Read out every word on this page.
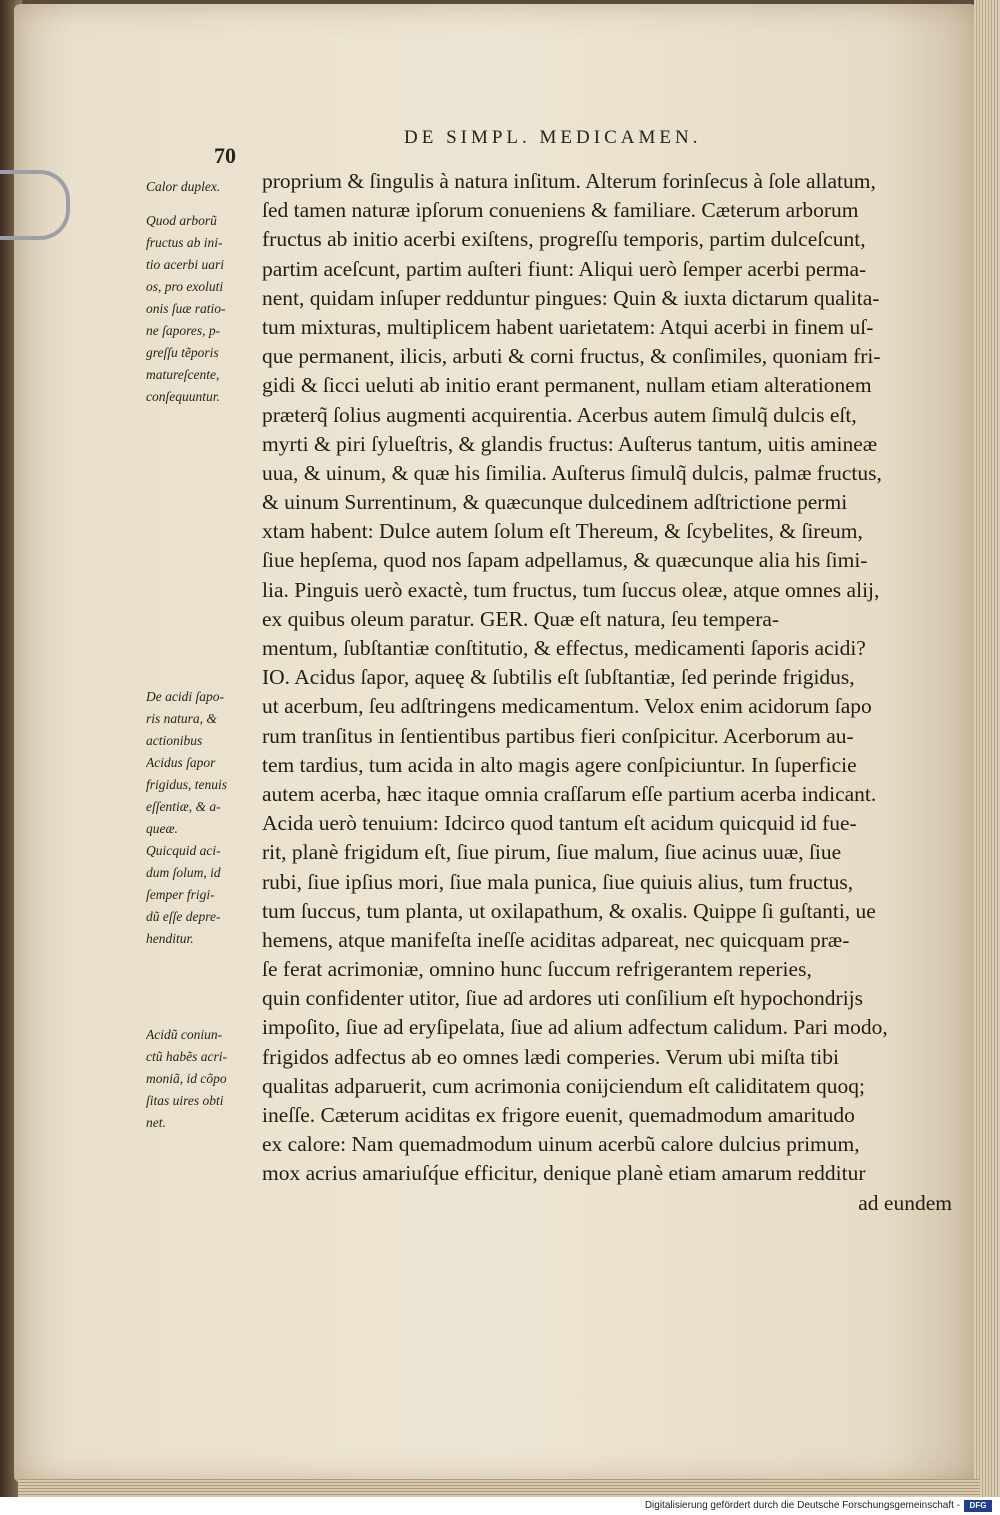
DE SIMPL. MEDICAMEN.
70
Calor duplex.
Quod arborũ
fructus ab ini-
tio acerbi uari
os, pro exoluti
onis ſuæ ratio-
ne ſapores, p-
greſſu tẽporis
matureſcente,
conſequuntur.
De acidi ſapo-
ris natura, &
actionibus
Acidus ſapor
frigidus, tenuis
eſſentiæ, & a-
queæ.
Quicquid aci-
dum ſolum, id
ſemper frigi-
dũ eſſe depre-
henditur.
Acidũ coniun-
ctũ habẽs acri-
moniã, id cõpo
ſitas uires obti
net.
proprium & ſingulis à natura inſitum. Alterum forinſecus à ſole allatum,
ſed tamen naturæ ipſorum conueniens & familiare. Cæterum arborum
fructus ab initio acerbi exiſtens, progreſſu temporis, partim dulceſcunt,
partim aceſcunt, partim auſteri fiunt: Aliqui uerò ſemper acerbi perma-
nent, quidam inſuper redduntur pingues: Quin & iuxta dictarum qualita-
tum mixturas, multiplicem habent uarietatem: Atqui acerbi in finem uſ-
que permanent, ilicis, arbuti & corni fructus, & conſimiles, quoniam fri-
gidi & ſicci ueluti ab initio erant permanent, nullam etiam alterationem
præterq̃ ſolius augmenti acquirentia. Acerbus autem ſimulq̃ dulcis eſt,
myrti & piri ſylueſtris, & glandis fructus: Auſterus tantum, uitis amineæ
uua, & uinum, & quæ his ſimilia. Auſterus ſimulq̃ dulcis, palmæ fructus,
& uinum Surrentinum, & quæcunque dulcedinem adſtrictione permi
xtam habent: Dulce autem ſolum eſt Thereum, & ſcybelites, & ſireum,
ſiue hepſema, quod nos ſapam adpellamus, & quæcunque alia his ſimi-
lia. Pinguis uerò exactè, tum fructus, tum ſuccus oleæ, atque omnes alij,
ex quibus oleum paratur. GER. Quæ eſt natura, ſeu tempera-
mentum, ſubſtantiæ conſtitutio, & effectus, medicamenti ſaporis acidi?
IO. Acidus ſapor, aqueę & ſubtilis eſt ſubſtantiæ, ſed perinde frigidus,
ut acerbum, ſeu adſtringens medicamentum. Velox enim acidorum ſapo
rum tranſitus in ſentientibus partibus fieri conſpicitur. Acerborum au-
tem tardius, tum acida in alto magis agere conſpiciuntur. In ſuperficie
autem acerba, hæc itaque omnia craſſarum eſſe partium acerba indicant.
Acida uerò tenuium: Idcirco quod tantum eſt acidum quicquid id fue-
rit, planè frigidum eſt, ſiue pirum, ſiue malum, ſiue acinus uuæ, ſiue
rubi, ſiue ipſius mori, ſiue mala punica, ſiue quiuis alius, tum fructus,
tum ſuccus, tum planta, ut oxilapathum, & oxalis. Quippe ſi guſtanti, ue
hemens, atque manifeſta ineſſe aciditas adpareat, nec quicquam præ-
ſe ferat acrimoniæ, omnino hunc ſuccum refrigerantem reperies,
quin confidenter utitor, ſiue ad ardores uti conſilium eſt hypochondrijs
impoſito, ſiue ad eryſipelata, ſiue ad alium adfectum calidum. Pari modo,
frigidos adfectus ab eo omnes lædi comperies. Verum ubi miſta tibi
qualitas adparuerit, cum acrimonia conijciendum eſt caliditatem quoq;
ineſſe. Cæterum aciditas ex frigore euenit, quemadmodum amaritudo
ex calore: Nam quemadmodum uinum acerbũ calore dulcius primum,
mox acrius amariuſq́ue efficitur, denique planè etiam amarum redditur
ad eundem
Digitalisierung gefördert durch die Deutsche Forschungsgemeinschaft -	DFG
